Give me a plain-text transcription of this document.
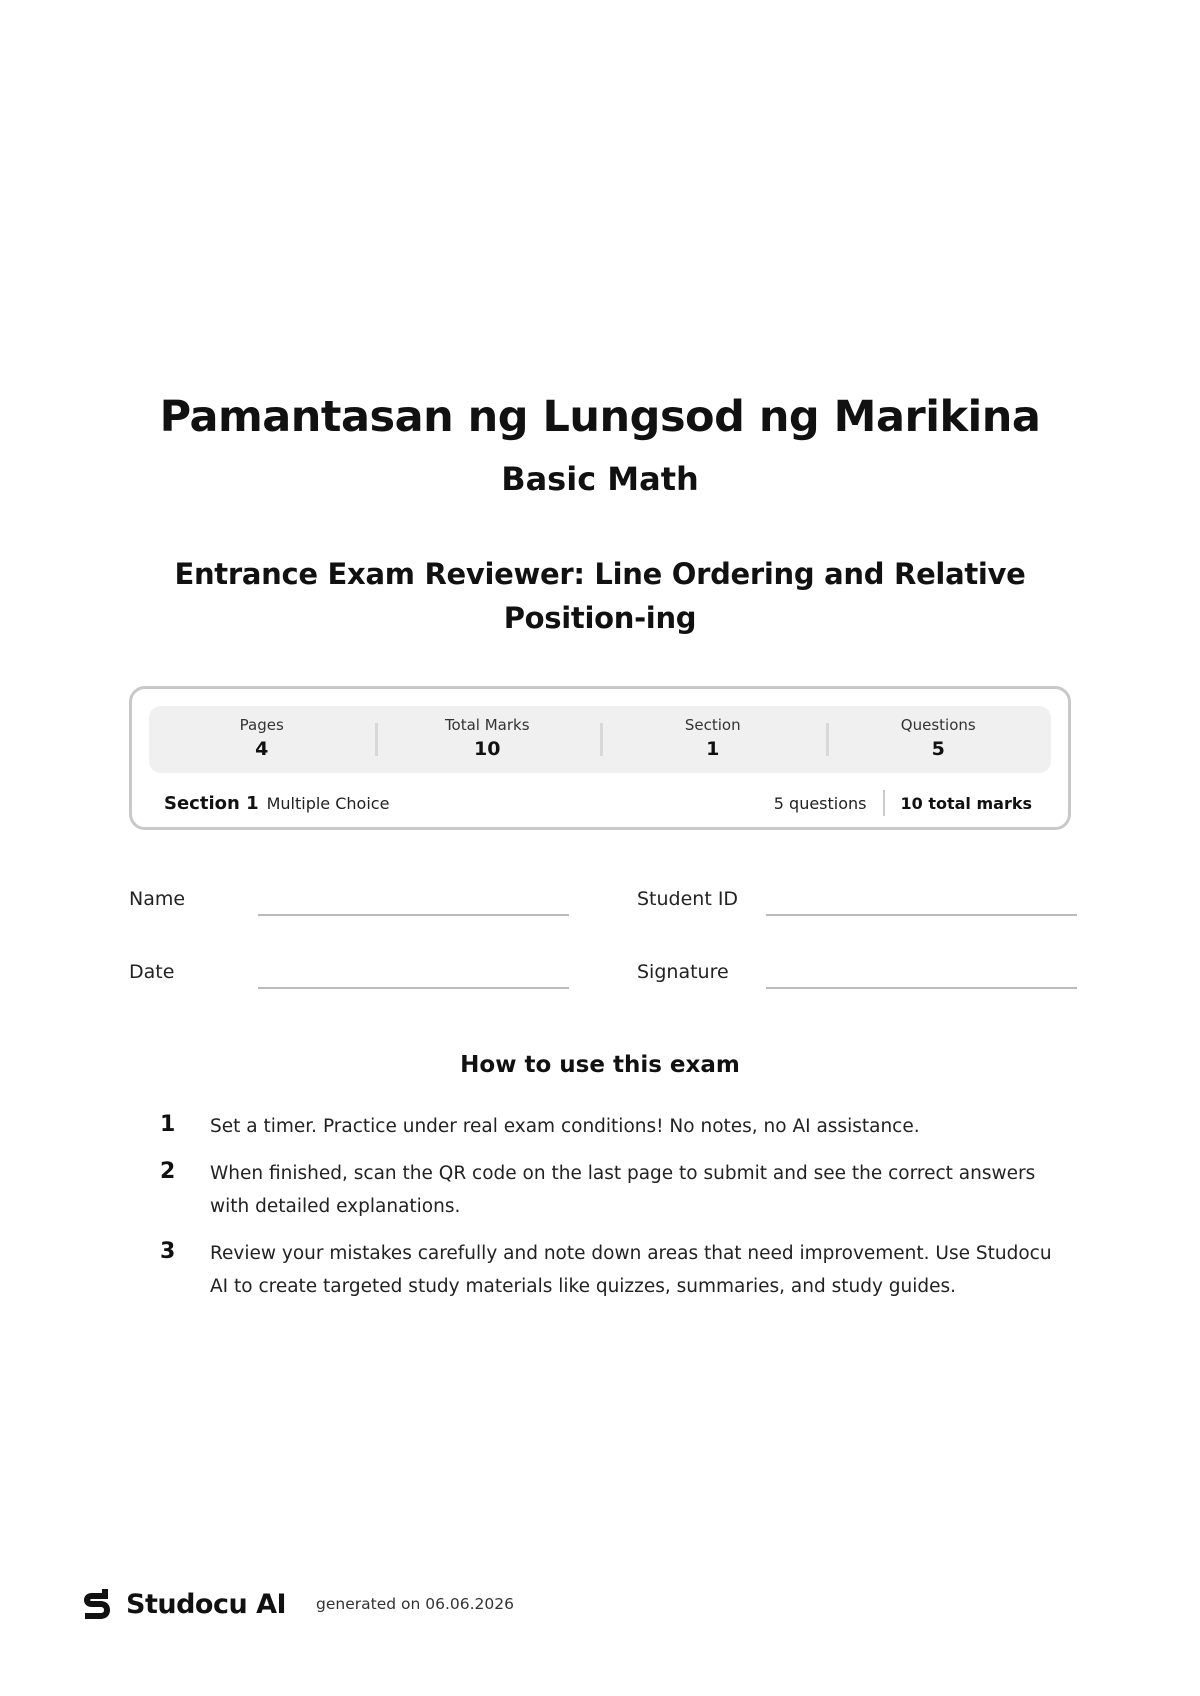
Pamantasan ng Lungsod ng Marikina
Basic Math
Entrance Exam Reviewer: Line Ordering and Relative Position-ing
Pages
4
Total Marks
10
Section
1
Questions
5
Section 1 Multiple Choice	5 questions	10 total marks
Name	Student ID
Date	Signature
How to use this exam
1	Set a timer. Practice under real exam conditions! No notes, no AI assistance.
2	When finished, scan the QR code on the last page to submit and see the correct answers with detailed explanations.
3	Review your mistakes carefully and note down areas that need improvement. Use Studocu AI to create targeted study materials like quizzes, summaries, and study guides.
Studocu AI generated on 06.06.2026
